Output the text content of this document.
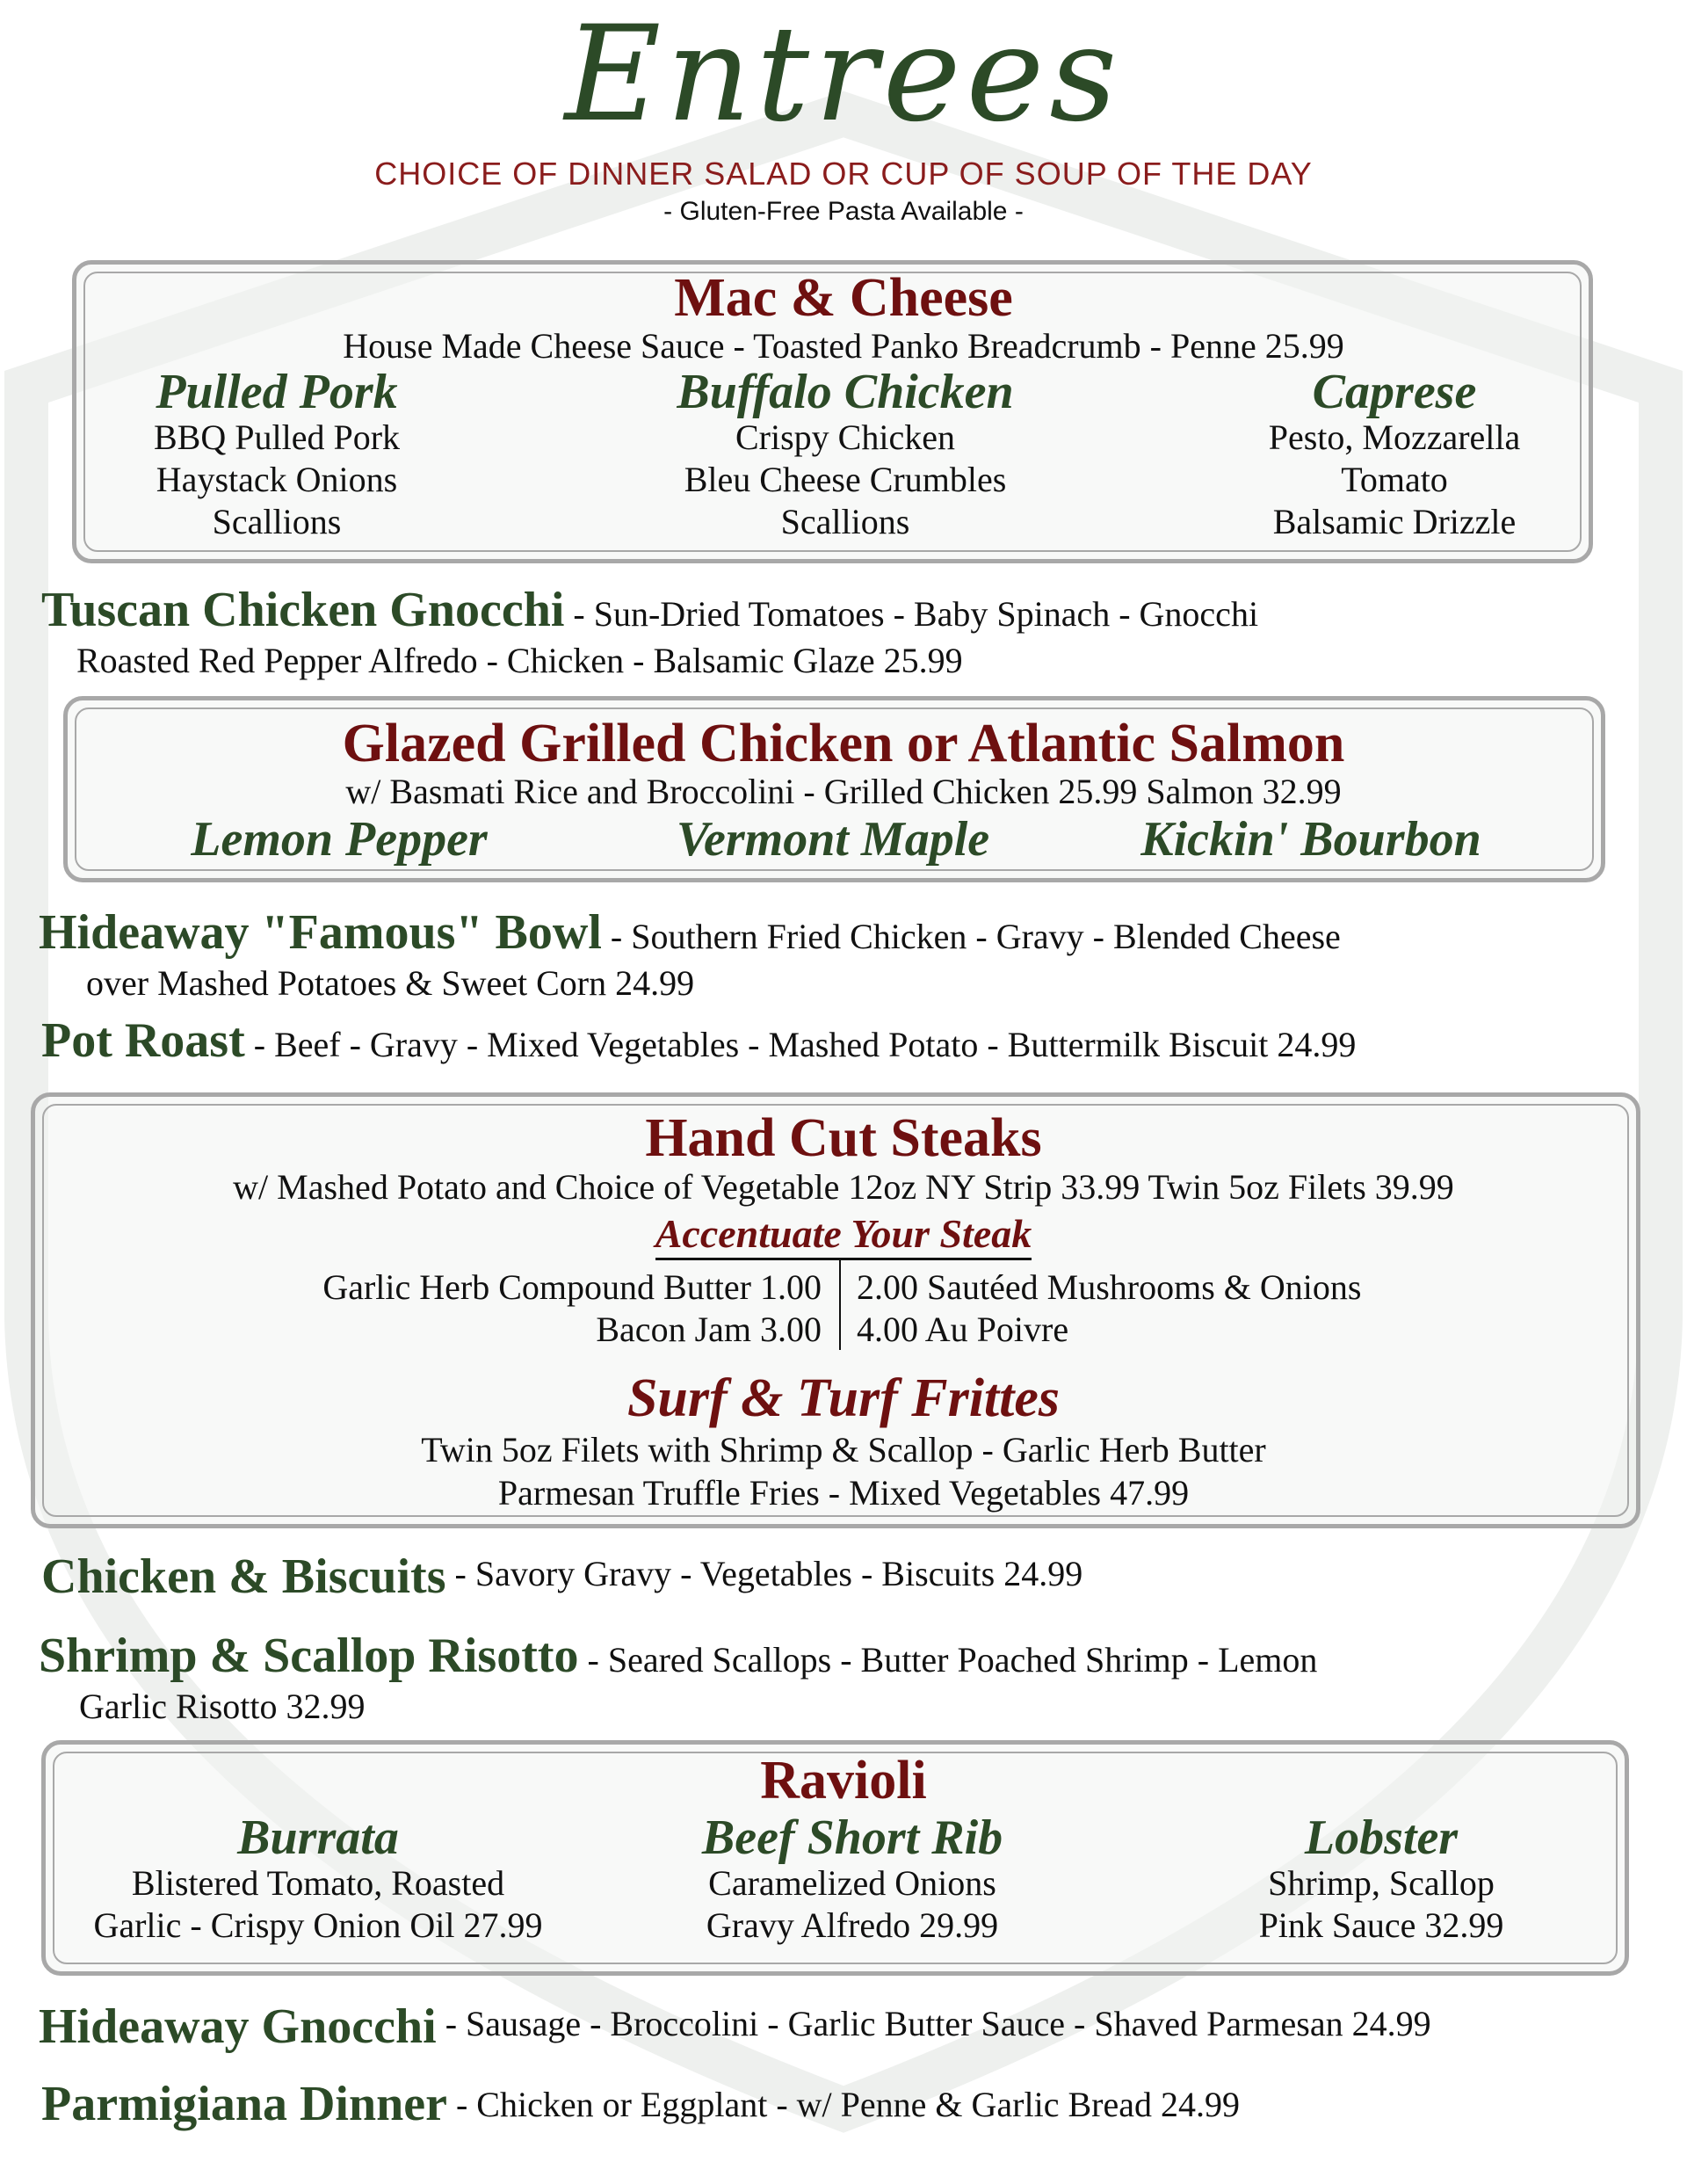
Entrees
CHOICE OF DINNER SALAD OR CUP OF SOUP OF THE DAY
- Gluten-Free Pasta Available -
Mac & Cheese
House Made Cheese Sauce - Toasted Panko Breadcrumb - Penne 25.99
Pulled Pork
BBQ Pulled Pork
Haystack Onions
Scallions
Buffalo Chicken
Crispy Chicken
Bleu Cheese Crumbles
Scallions
Caprese
Pesto, Mozzarella
Tomato
Balsamic Drizzle
Tuscan Chicken Gnocchi - Sun-Dried Tomatoes - Baby Spinach - Gnocchi
Roasted Red Pepper Alfredo - Chicken - Balsamic Glaze 25.99
Glazed Grilled Chicken or Atlantic Salmon
w/ Basmati Rice and Broccolini - Grilled Chicken 25.99 Salmon 32.99
Lemon Pepper	Vermont Maple	Kickin' Bourbon
Hideaway "Famous" Bowl - Southern Fried Chicken - Gravy - Blended Cheese
over Mashed Potatoes & Sweet Corn 24.99
Pot Roast - Beef - Gravy - Mixed Vegetables - Mashed Potato - Buttermilk Biscuit 24.99
Hand Cut Steaks
w/ Mashed Potato and Choice of Vegetable 12oz NY Strip 33.99 Twin 5oz Filets 39.99
Accentuate Your Steak
Garlic Herb Compound Butter 1.00
Bacon Jam 3.00
2.00 Sautéed Mushrooms & Onions
4.00 Au Poivre
Surf & Turf Frittes
Twin 5oz Filets with Shrimp & Scallop - Garlic Herb Butter
Parmesan Truffle Fries - Mixed Vegetables 47.99
Chicken & Biscuits - Savory Gravy - Vegetables - Biscuits 24.99
Shrimp & Scallop Risotto - Seared Scallops - Butter Poached Shrimp - Lemon
Garlic Risotto 32.99
Ravioli
Burrata
Blistered Tomato, Roasted
Garlic - Crispy Onion Oil 27.99
Beef Short Rib
Caramelized Onions
Gravy Alfredo 29.99
Lobster
Shrimp, Scallop
Pink Sauce 32.99
Hideaway Gnocchi - Sausage - Broccolini - Garlic Butter Sauce - Shaved Parmesan 24.99
Parmigiana Dinner - Chicken or Eggplant - w/ Penne & Garlic Bread 24.99
